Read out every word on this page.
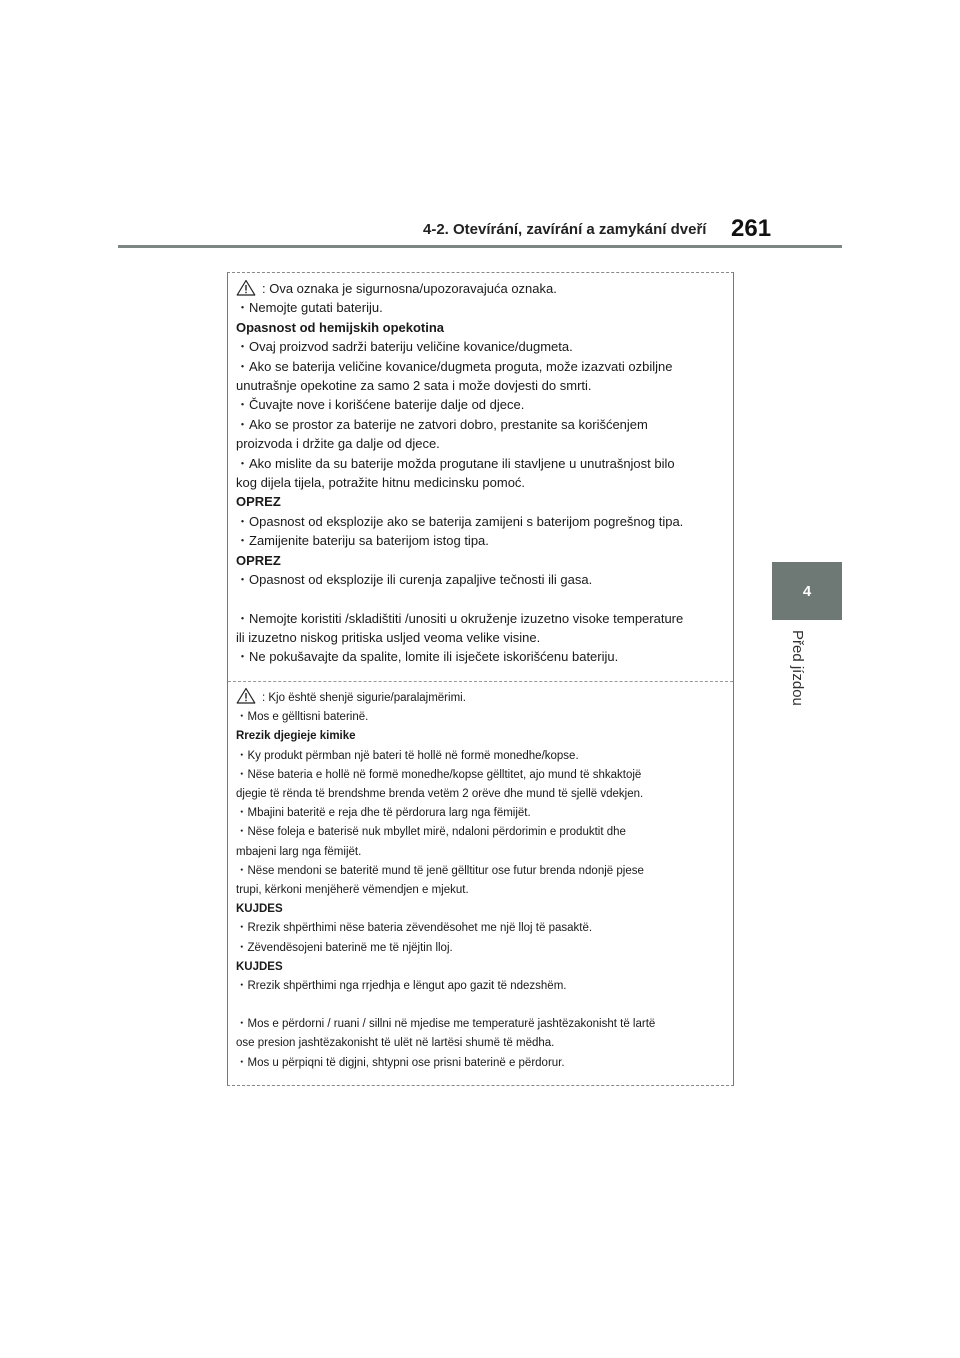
4-2. Otevírání, zavírání a zamykání dveří 261
4
Před jízdou
: Ova oznaka je sigurnosna/upozoravajuća oznaka.
・Nemojte gutati bateriju.
Opasnost od hemijskih opekotina
・Ovaj proizvod sadrži bateriju veličine kovanice/dugmeta.
・Ako se baterija veličine kovanice/dugmeta proguta, može izazvati ozbiljne
unutrašnje opekotine za samo 2 sata i može dovjesti do smrti.
・Čuvajte nove i korišćene baterije dalje od djece.
・Ako se prostor za baterije ne zatvori dobro, prestanite sa korišćenjem
proizvoda i držite ga dalje od djece.
・Ako mislite da su baterije možda progutane ili stavljene u unutrašnjost bilo
kog dijela tijela, potražite hitnu medicinsku pomoć.
OPREZ
・Opasnost od eksplozije ako se baterija zamijeni s baterijom pogrešnog tipa.
・Zamijenite bateriju sa baterijom istog tipa.
OPREZ
・Opasnost od eksplozije ili curenja zapaljive tečnosti ili gasa.
・Nemojte koristiti /skladištiti /unositi u okruženje izuzetno visoke temperature
ili izuzetno niskog pritiska usljed veoma velike visine.
・Ne pokušavajte da spalite, lomite ili isječete iskorišćenu bateriju.
: Kjo është shenjë sigurie/paralajmërimi.
・Mos e gëlltisni baterinë.
Rrezik djegieje kimike
・Ky produkt përmban një bateri të hollë në formë monedhe/kopse.
・Nëse bateria e hollë në formë monedhe/kopse gëlltitet, ajo mund të shkaktojë
djegie të rënda të brendshme brenda vetëm 2 orëve dhe mund të sjellë vdekjen.
・Mbajini bateritë e reja dhe të përdorura larg nga fëmijët.
・Nëse foleja e baterisë nuk mbyllet mirë, ndaloni përdorimin e produktit dhe
mbajeni larg nga fëmijët.
・Nëse mendoni se bateritë mund të jenë gëlltitur ose futur brenda ndonjë pjese
trupi, kërkoni menjëherë vëmendjen e mjekut.
KUJDES
・Rrezik shpërthimi nëse bateria zëvendësohet me një lloj të pasaktë.
・Zëvendësojeni baterinë me të njëjtin lloj.
KUJDES
・Rrezik shpërthimi nga rrjedhja e lëngut apo gazit të ndezshëm.
・Mos e përdorni / ruani / sillni në mjedise me temperaturë jashtëzakonisht të lartë
ose presion jashtëzakonisht të ulët në lartësi shumë të mëdha.
・Mos u përpiqni të digjni, shtypni ose prisni baterinë e përdorur.
